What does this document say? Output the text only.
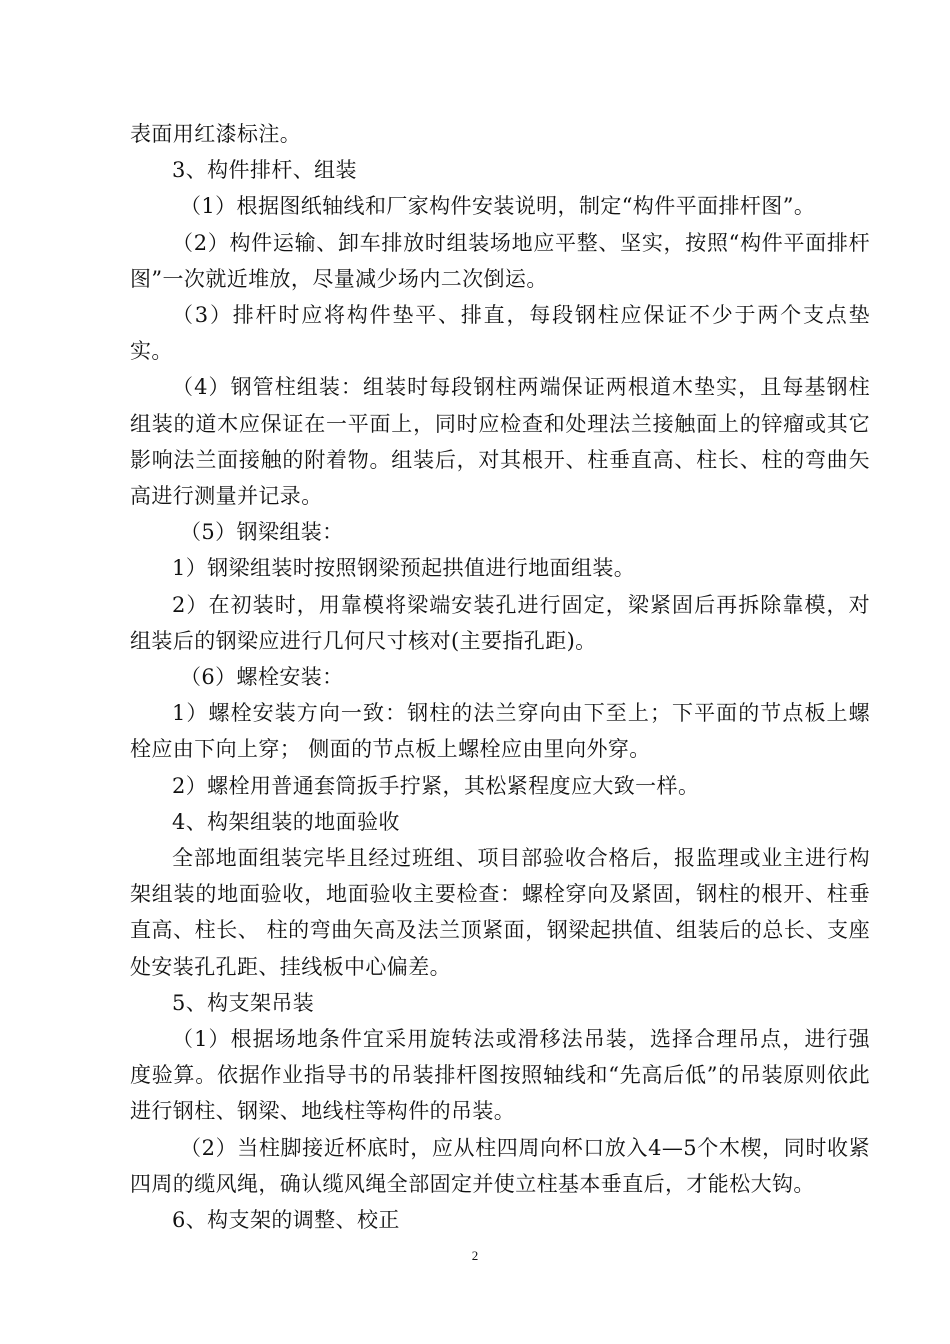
表面用红漆标注。

3、构件排杆、组装

（1）根据图纸轴线和厂家构件安装说明，制定“构件平面排杆图”。

（2）构件运输、卸车排放时组装场地应平整、坚实，按照“构件平面排杆图”一次就近堆放，尽量减少场内二次倒运。

（3）排杆时应将构件垫平、排直，每段钢柱应保证不少于两个支点垫实。

（4）钢管柱组装：组装时每段钢柱两端保证两根道木垫实，且每基钢柱组装的道木应保证在一平面上，同时应检查和处理法兰接触面上的锌瘤或其它影响法兰面接触的附着物。组装后，对其根开、柱垂直高、柱长、柱的弯曲矢高进行测量并记录。

（5）钢梁组装：

1）钢梁组装时按照钢梁预起拱值进行地面组装。

2）在初装时，用靠模将梁端安装孔进行固定，梁紧固后再拆除靠模，对组装后的钢梁应进行几何尺寸核对(主要指孔距)。

（6）螺栓安装：

1）螺栓安装方向一致：钢柱的法兰穿向由下至上；下平面的节点板上螺栓应由下向上穿； 侧面的节点板上螺栓应由里向外穿。

2）螺栓用普通套筒扳手拧紧，其松紧程度应大致一样。

4、构架组装的地面验收

全部地面组装完毕且经过班组、项目部验收合格后，报监理或业主进行构架组装的地面验收，地面验收主要检查：螺栓穿向及紧固，钢柱的根开、柱垂直高、柱长、 柱的弯曲矢高及法兰顶紧面，钢梁起拱值、组装后的总长、支座处安装孔孔距、挂线板中心偏差。

5、构支架吊装

（1）根据场地条件宜采用旋转法或滑移法吊装，选择合理吊点，进行强度验算。依据作业指导书的吊装排杆图按照轴线和“先高后低”的吊装原则依此进行钢柱、钢梁、地线柱等构件的吊装。

（2）当柱脚接近杯底时，应从柱四周向杯口放入4—5个木楔，同时收紧四周的缆风绳，确认缆风绳全部固定并使立柱基本垂直后，才能松大钩。

6、构支架的调整、校正

2
